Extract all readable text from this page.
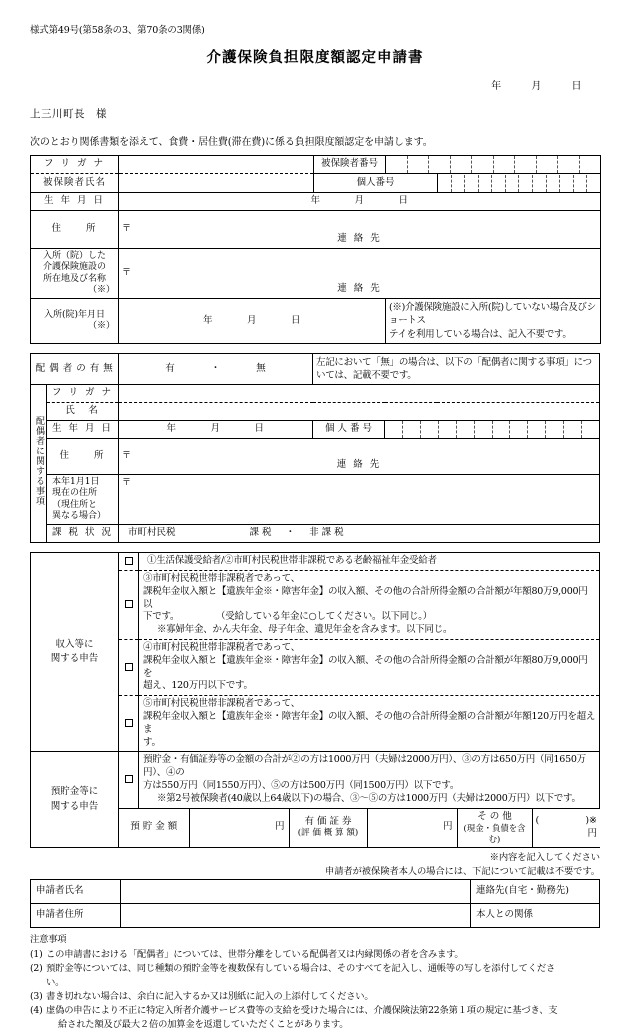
様式第49号(第58条の3、第70条の3関係)
介護保険負担限度額認定申請書
年	月	日
上三川町長　様
次のとおり関係書類を添えて、食費・居住費(滞在費)に係る負担限度額認定を申請します。
フ リ ガ ナ		被保険者番号		

被保険者氏名		個人番号		

生 年 月 日	年 月 日			
住　　所	〒
連 絡 先

入所（院）した
介護保険施設の
所在地及び名称
（※）
	〒
連 絡 先

入所(院)年月日
（※）
	年	月	日	
(※)介護保険施設に入所(院)していない場合及びショートス
テイを利用している場合は、記入不要です。
配 偶 者 の 有 無		有 ・ 無	左記において「無」の場合は、以下の「配偶者に関する事項」につ
いては、記載不要です。	

配偶者に関する事項	フ リ ガ ナ			
	氏　名			
	生 年 月 日	年 月 日	個 人 番 号	

	住　　所	〒
連 絡 先

	本年1月1日
現在の住所
（現住所と
異なる場合）
	〒
	課 税 状 況	市町村民税 課 税 ・ 非 課 税		
収入等に
関する申告

①生活保護受給者/②市町村民税世帯非課税である老齢福祉年金受給者

③市町村民税世帯非課税者であって、
課税年金収入額と【遺族年金※・障害年金】の収入額、その他の合計所得金額の合計額が年額80万9,000円以
下です。　　　　　（受給している年金に○してください。以下同じ。）
※寡婦年金、かん夫年金、母子年金、遺児年金を含みます。以下同じ。

④市町村民税世帯非課税者であって、
課税年金収入額と【遺族年金※・障害年金】の収入額、その他の合計所得金額の合計額が年額80万9,000円を
超え、120万円以下です。

⑤市町村民税世帯非課税者であって、
課税年金収入額と【遺族年金※・障害年金】の収入額、その他の合計所得金額の合計額が年額120万円を超えま
す。

預貯金等に
関する申告

預貯金・有価証券等の金額の合計が②の方は1000万円（夫婦は2000万円）、③の方は650万円（同1650万円）、④の
方は550万円（同1550万円）、⑤の方は500万円（同1500万円）以下です。
※第2号被保険者(40歳以上64歳以下)の場合、③～⑤の方は1000万円（夫婦は2000万円）以下です。

預 貯 金 額	円	有 価 証 券
(評 価 概 算 額)
	円	
そ の 他
(現金・負債を含む)

(	)※
円
※内容を記入してください
申請者が被保険者本人の場合には、下記について記載は不要です。
申請者氏名		連絡先(自宅・勤務先)
申請者住所		本人との関係
注意事項

(1) この申請書における「配偶者」については、世帯分離をしている配偶者又は内縁関係の者を含みます。

(2) 預貯金等については、同じ種類の預貯金等を複数保有している場合は、そのすべてを記入し、通帳等の写しを添付してくださ
い。

(3) 書き切れない場合は、余白に記入するか又は別紙に記入の上添付してください。

(4) 虚偽の申告により不正に特定入所者介護サービス費等の支給を受けた場合には、介護保険法第22条第１項の規定に基づき、支
給された額及び最大２倍の加算金を返還していただくことがあります。
